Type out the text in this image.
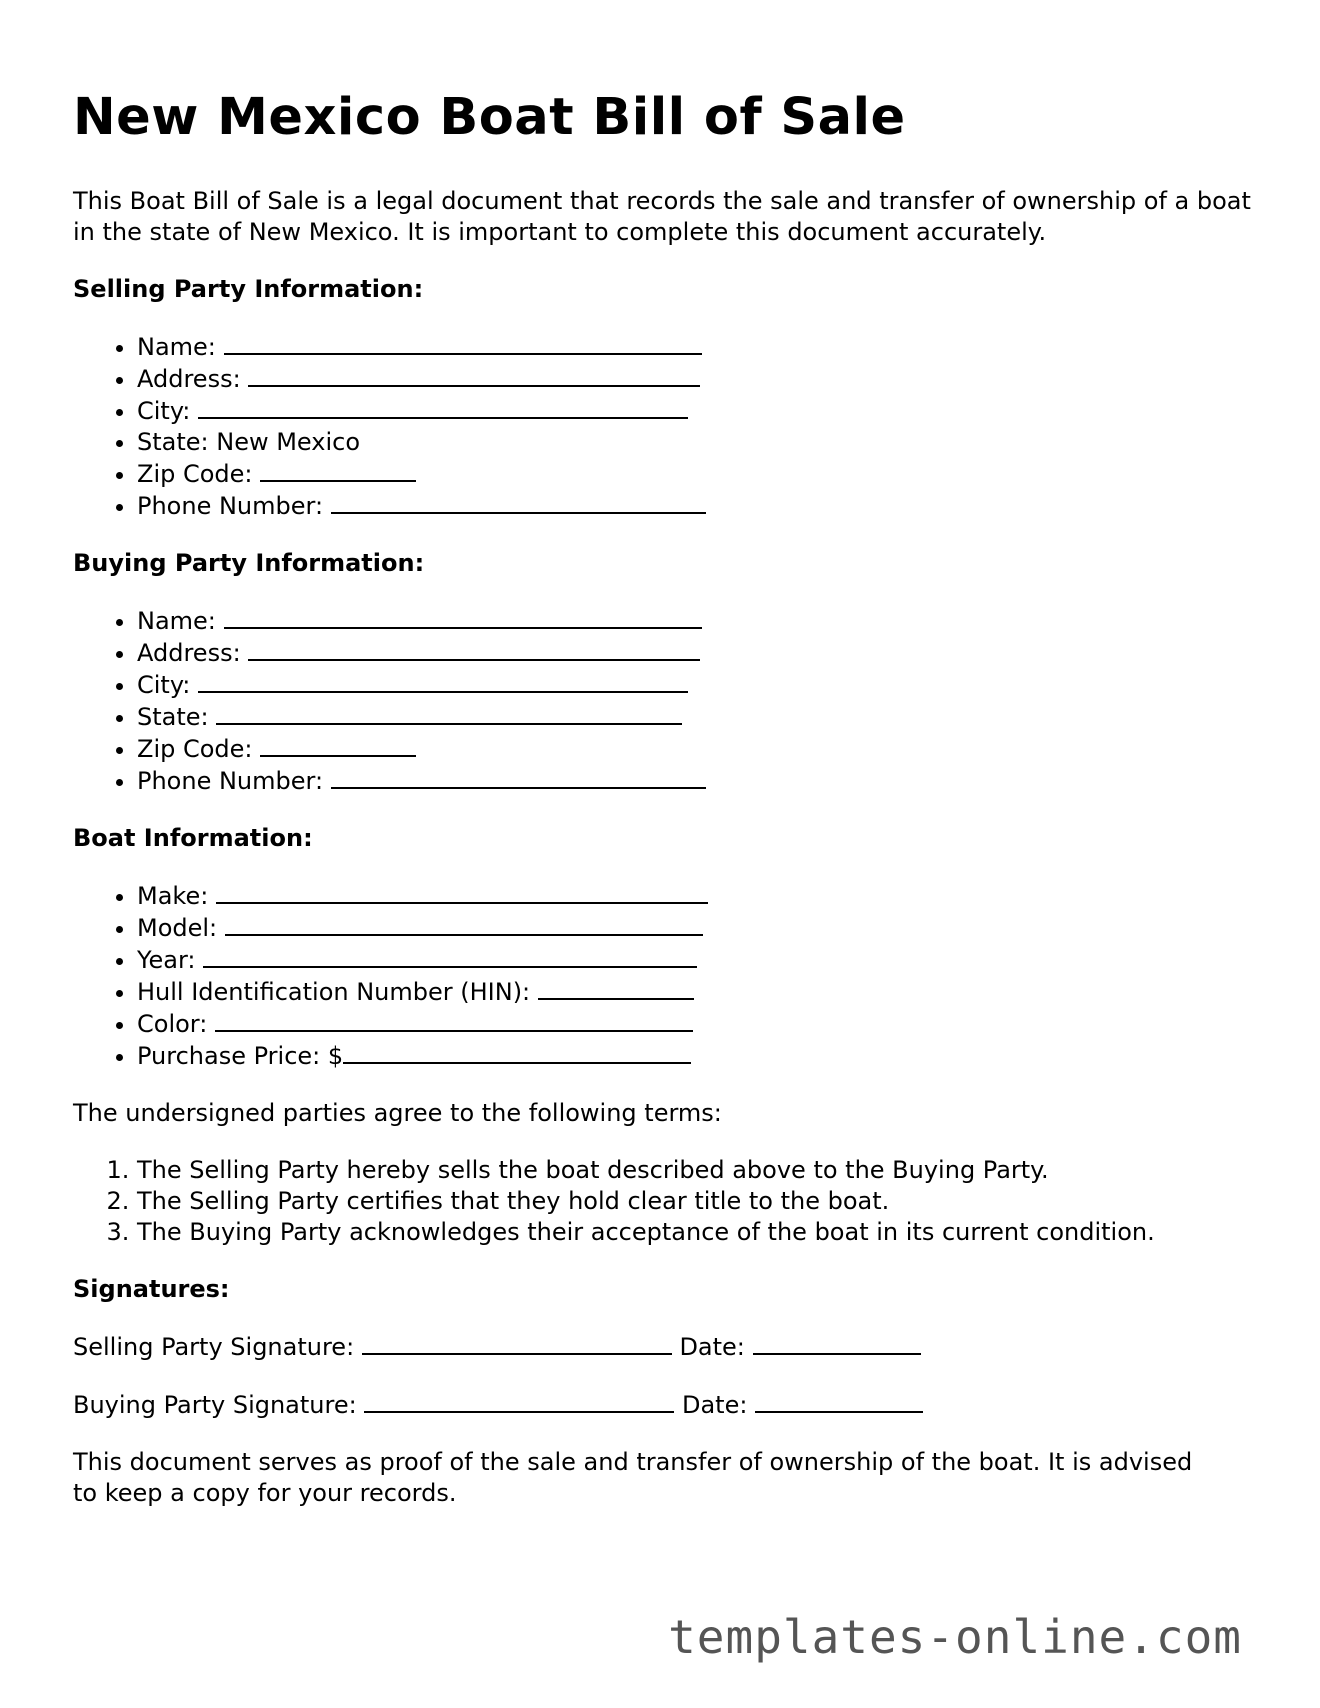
New Mexico Boat Bill of Sale

This Boat Bill of Sale is a legal document that records the sale and transfer of ownership of a boat in the state of New Mexico. It is important to complete this document accurately.

Selling Party Information:
• Name:
• Address:
• City:
• State: New Mexico
• Zip Code:
• Phone Number:
Buying Party Information:
• Name:
• Address:
• City:
• State:
• Zip Code:
• Phone Number:
Boat Information:
• Make:
• Model:
• Year:
• Hull Identification Number (HIN):
• Color:
• Purchase Price: $

The undersigned parties agree to the following terms:

1. The Selling Party hereby sells the boat described above to the Buying Party.
2. The Selling Party certifies that they hold clear title to the boat.
3. The Buying Party acknowledges their acceptance of the boat in its current condition.
Signatures:

Selling Party Signature:	Date:

Buying Party Signature:	Date:

This document serves as proof of the sale and transfer of ownership of the boat. It is advised to keep a copy for your records.

templates-online.com
